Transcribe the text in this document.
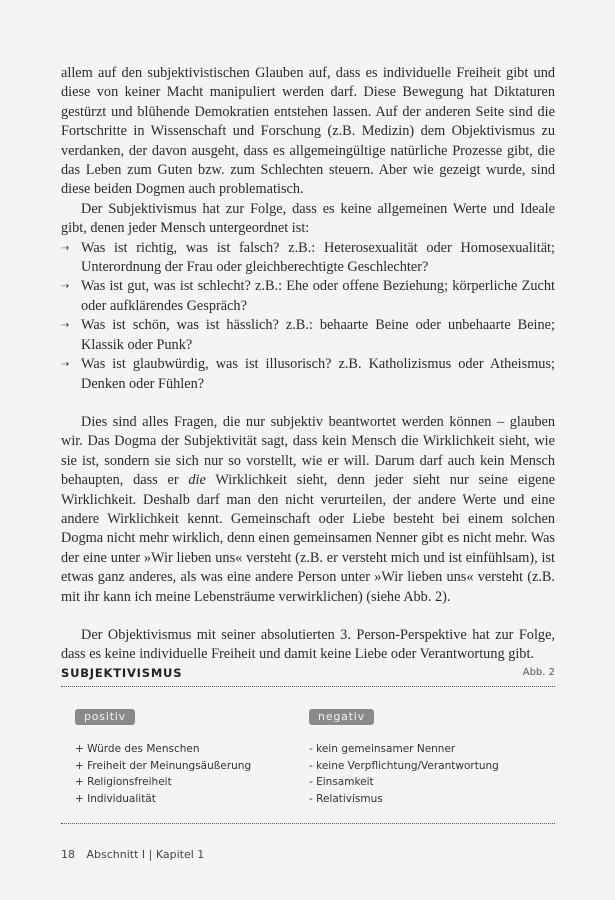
allem auf den subjektivistischen Glauben auf, dass es individuelle Freiheit gibt und diese von keiner Macht manipuliert werden darf. Diese Bewegung hat Diktaturen gestürzt und blühende Demokratien entstehen lassen. Auf der anderen Seite sind die Fortschritte in Wissenschaft und Forschung (z.B. Medizin) dem Objektivismus zu verdanken, der davon ausgeht, dass es allgemeingültige natürliche Prozesse gibt, die das Leben zum Guten bzw. zum Schlechten steuern. Aber wie gezeigt wurde, sind diese beiden Dogmen auch problematisch.

Der Subjektivismus hat zur Folge, dass es keine allgemeinen Werte und Ideale gibt, denen jeder Mensch untergeordnet ist:

⇢ Was ist richtig, was ist falsch? z.B.: Heterosexualität oder Homosexualität; Unterordnung der Frau oder gleichberechtigte Geschlechter?
⇢ Was ist gut, was ist schlecht? z.B.: Ehe oder offene Beziehung; körperliche Zucht oder aufklärendes Gespräch?
⇢ Was ist schön, was ist hässlich? z.B.: behaarte Beine oder unbehaarte Beine; Klassik oder Punk?
⇢ Was ist glaubwürdig, was ist illusorisch? z.B. Katholizismus oder Atheismus; Denken oder Fühlen?

Dies sind alles Fragen, die nur subjektiv beantwortet werden können – glauben wir. Das Dogma der Subjektivität sagt, dass kein Mensch die Wirklichkeit sieht, wie sie ist, sondern sie sich nur so vorstellt, wie er will. Darum darf auch kein Mensch behaupten, dass er die Wirklichkeit sieht, denn jeder sieht nur seine eigene Wirklichkeit. Deshalb darf man den nicht verurteilen, der andere Werte und eine andere Wirklichkeit kennt. Gemeinschaft oder Liebe besteht bei einem solchen Dogma nicht mehr wirklich, denn einen gemeinsamen Nenner gibt es nicht mehr. Was der eine unter »Wir lieben uns« versteht (z.B. er versteht mich und ist einfühlsam), ist etwas ganz anderes, als was eine andere Person unter »Wir lieben uns« versteht (z.B. mit ihr kann ich meine Lebensträume verwirklichen) (siehe Abb. 2).

Der Objektivismus mit seiner absolutierten 3. Person-Perspektive hat zur Folge, dass es keine individuelle Freiheit und damit keine Liebe oder Verantwortung gibt.

SUBJEKTIVISMUS	Abb. 2
positiv
+ Würde des Menschen
+ Freiheit der Meinungsäußerung
+ Religionsfreiheit
+ Individualität
negativ
- kein gemeinsamer Nenner
- keine Verpflichtung/Verantwortung
- Einsamkeit
- Relativismus
18 Abschnitt I | Kapitel 1
